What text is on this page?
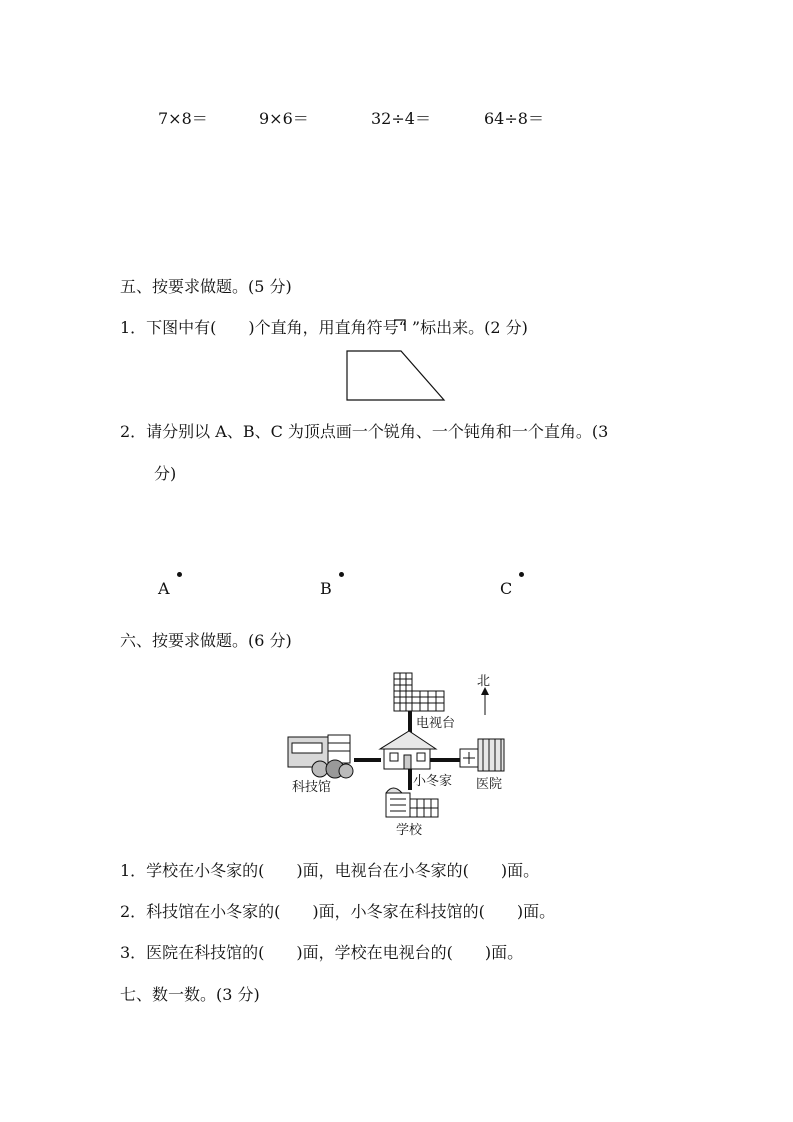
7×8＝	9×6＝	32÷4＝	64÷8＝
五、按要求做题。(5 分)
1．下图中有(　　)个直角，用直角符号“ ”标出来。(2 分)
2．请分别以 A、B、C 为顶点画一个锐角、一个钝角和一个直角。(3
分)
A	B	C
六、按要求做题。(6 分)
北
电视台
科技馆	小冬家 医院
学校
1．学校在小冬家的(　　)面，电视台在小冬家的(　　)面。
2．科技馆在小冬家的(　　)面，小冬家在科技馆的(　　)面。
3．医院在科技馆的(　　)面，学校在电视台的(　　)面。
七、数一数。(3 分)
